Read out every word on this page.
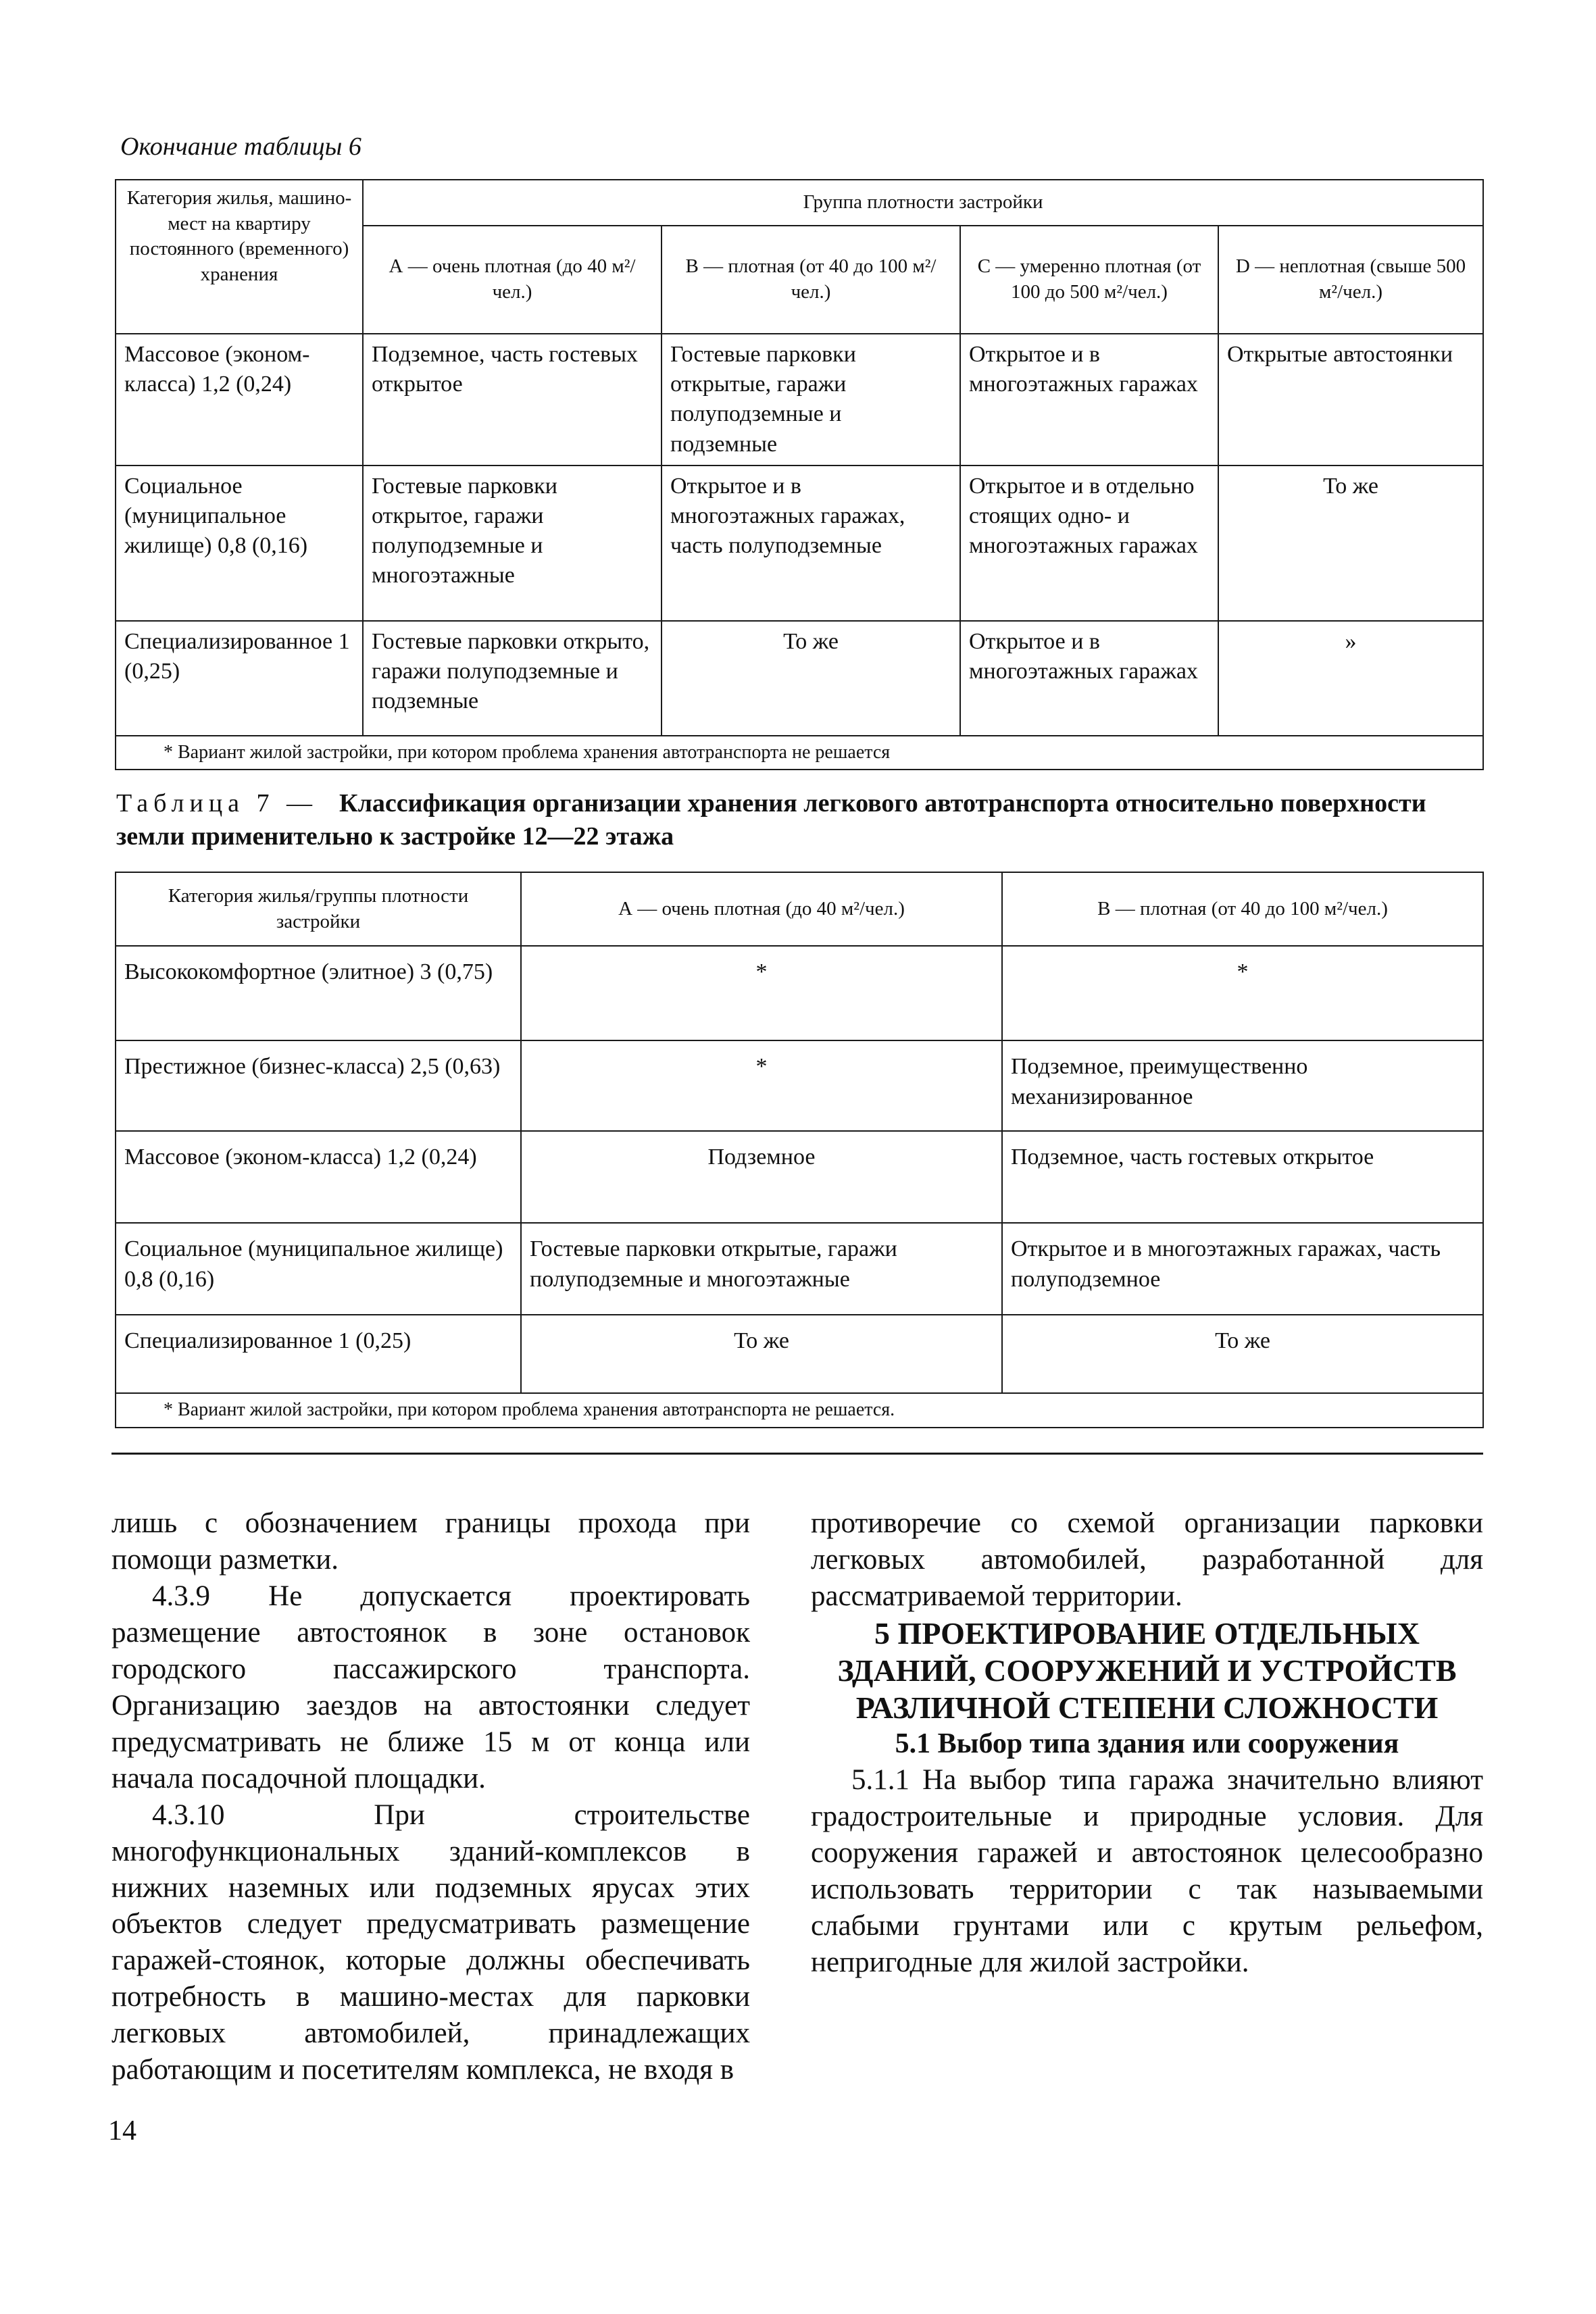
Окончание таблицы 6
Категория жилья, машино-мест на квартиру постоянного (временного) хранения	Группа плотности застройки			
	А — очень плотная (до 40 м²/чел.)	В — плотная (от 40 до 100 м²/чел.)	С — умеренно плотная (от 100 до 500 м²/чел.)	D — неплотная (свыше 500 м²/чел.)
Массовое (эконом-класса) 1,2 (0,24)	Подземное, часть гостевых открытое	Гостевые парковки открытые, гаражи полуподземные и подземные	Открытое и в многоэтажных гаражах	Открытые автостоянки
Социальное (муниципальное жилище) 0,8 (0,16)	Гостевые парковки открытое, гаражи полуподземные и многоэтажные	Открытое и в многоэтажных гаражах, часть полуподземные	Открытое и в отдельно стоящих одно- и многоэтажных гаражах	То же
Специализированное 1 (0,25)	Гостевые парковки открыто, гаражи полуподземные и подземные	То же	Открытое и в многоэтажных гаражах	»
* Вариант жилой застройки, при котором проблема хранения автотранспорта не решается				
Таблица 7 — Классификация организации хранения легкового автотранспорта относительно поверхности земли применительно к застройке 12—22 этажа
Категория жилья/группы плотности застройки	А — очень плотная (до 40 м²/чел.)	В — плотная (от 40 до 100 м²/чел.)
Высококомфортное (элитное) 3 (0,75)	*	*
Престижное (бизнес-класса) 2,5 (0,63)	*	Подземное, преимущественно механизированное
Массовое (эконом-класса) 1,2 (0,24)	Подземное	Подземное, часть гостевых открытое
Социальное (муниципальное жилище) 0,8 (0,16)	Гостевые парковки открытые, гаражи полуподземные и многоэтажные	Открытое и в многоэтажных гаражах, часть полуподземное
Специализированное 1 (0,25)	То же	То же
* Вариант жилой застройки, при котором проблема хранения автотранспорта не решается.		

лишь с обозначением границы прохода при помощи разметки.

4.3.9 Не допускается проектировать размещение автостоянок в зоне остановок городского пассажирского транспорта. Организацию заездов на автостоянки следует предусматривать не ближе 15 м от конца или начала посадочной площадки.

4.3.10 При строительстве многофункциональных зданий-комплексов в нижних наземных или подземных ярусах этих объектов следует предусматривать размещение гаражей-стоянок, которые должны обеспечивать потребность в машино-местах для парковки легковых автомобилей, принадлежащих работающим и посетителям комплекса, не входя в

противоречие со схемой организации парковки легковых автомобилей, разработанной для рассматриваемой территории.

5 ПРОЕКТИРОВАНИЕ ОТДЕЛЬНЫХ ЗДАНИЙ, СООРУЖЕНИЙ И УСТРОЙСТВ РАЗЛИЧНОЙ СТЕПЕНИ СЛОЖНОСТИ

5.1 Выбор типа здания или сооружения

5.1.1 На выбор типа гаража значительно влияют градостроительные и природные условия. Для сооружения гаражей и автостоянок целесообразно использовать территории с так называемыми слабыми грунтами или с крутым рельефом, непригодные для жилой застройки.

14
